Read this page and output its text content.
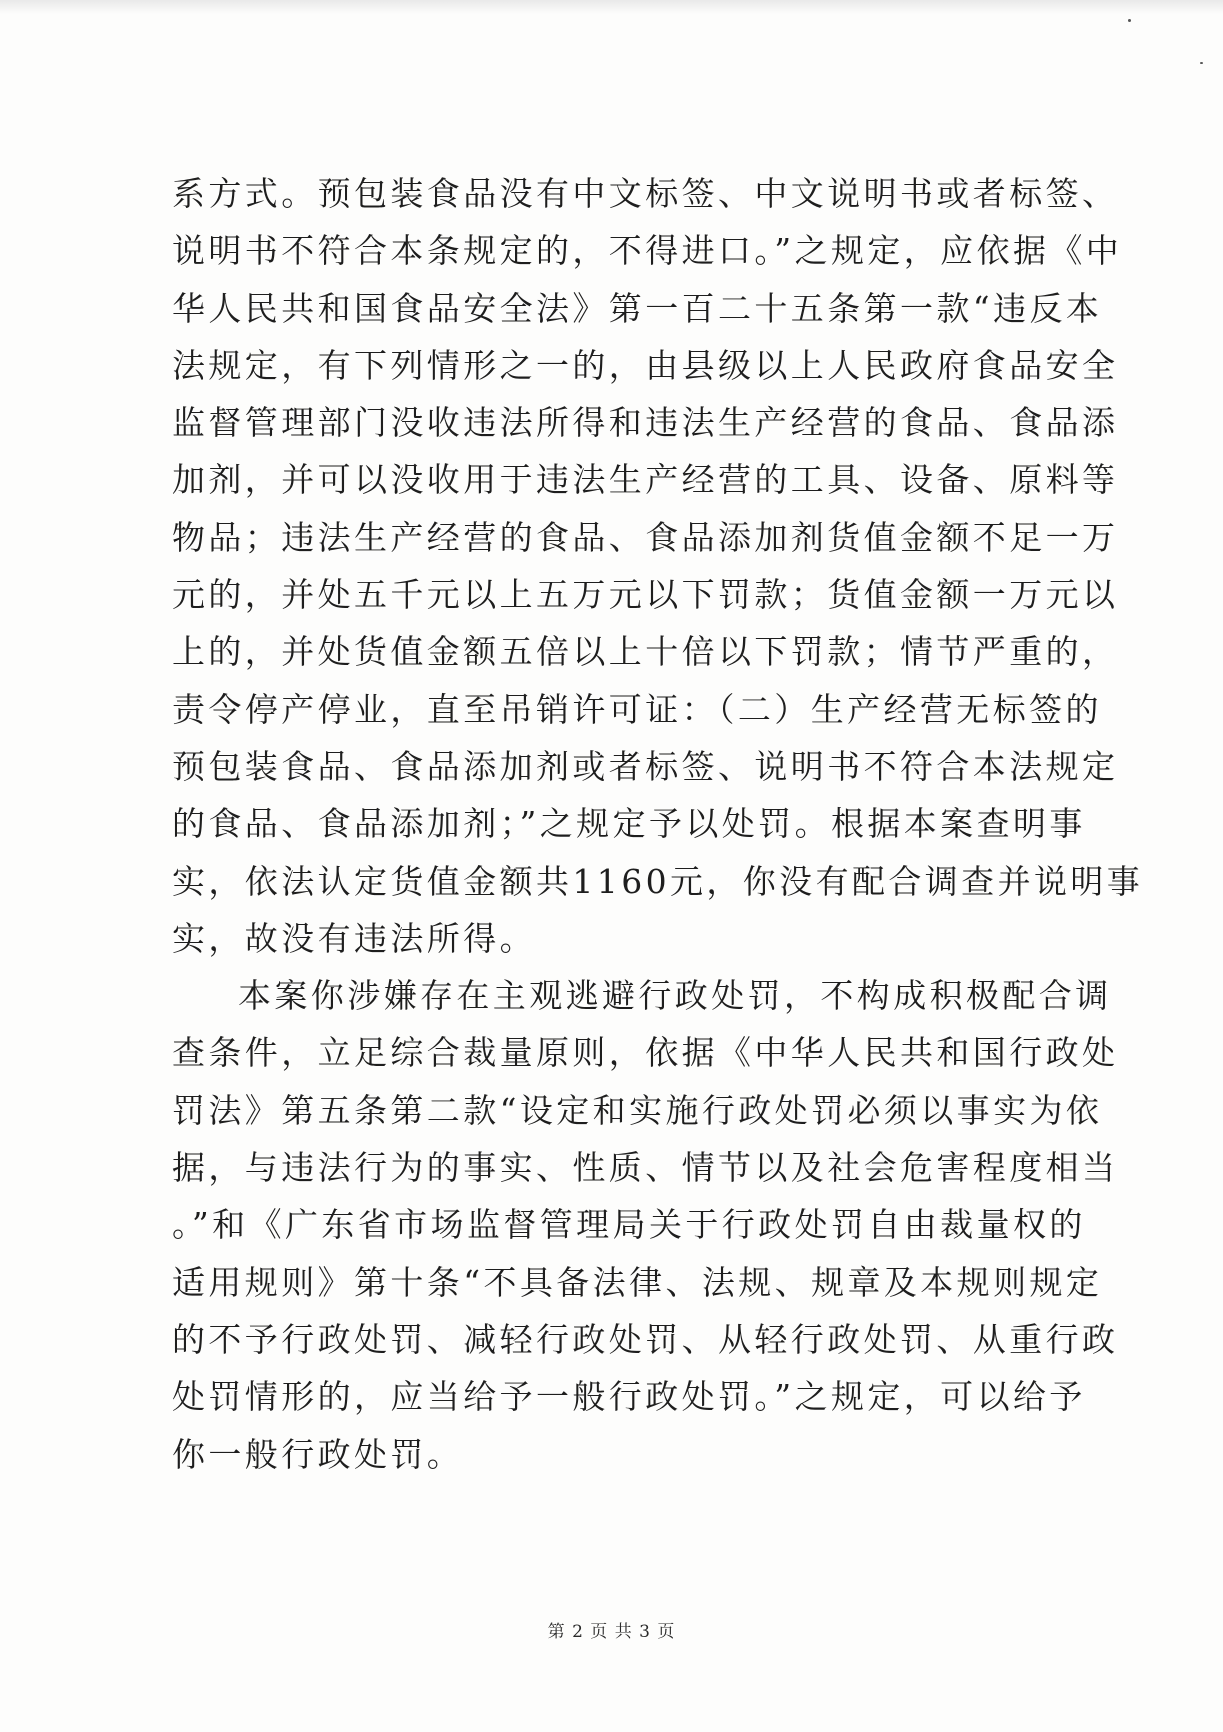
系方式。预包装食品没有中文标签、中文说明书或者标签、
说明书不符合本条规定的，不得进口。”之规定，应依据《中
华人民共和国食品安全法》第一百二十五条第一款“违反本
法规定，有下列情形之一的，由县级以上人民政府食品安全
监督管理部门没收违法所得和违法生产经营的食品、食品添
加剂，并可以没收用于违法生产经营的工具、设备、原料等
物品；违法生产经营的食品、食品添加剂货值金额不足一万
元的，并处五千元以上五万元以下罚款；货值金额一万元以
上的，并处货值金额五倍以上十倍以下罚款；情节严重的，
责令停产停业，直至吊销许可证：（二）生产经营无标签的
预包装食品、食品添加剂或者标签、说明书不符合本法规定
的食品、食品添加剂；”之规定予以处罚。根据本案查明事
实，依法认定货值金额共1160元，你没有配合调查并说明事
实，故没有违法所得。
本案你涉嫌存在主观逃避行政处罚，不构成积极配合调
查条件，立足综合裁量原则，依据《中华人民共和国行政处
罚法》第五条第二款“设定和实施行政处罚必须以事实为依
据，与违法行为的事实、性质、情节以及社会危害程度相当
。”和《广东省市场监督管理局关于行政处罚自由裁量权的
适用规则》第十条“不具备法律、法规、规章及本规则规定
的不予行政处罚、减轻行政处罚、从轻行政处罚、从重行政
处罚情形的，应当给予一般行政处罚。”之规定，可以给予
你一般行政处罚。
第 2 页 共 3 页
